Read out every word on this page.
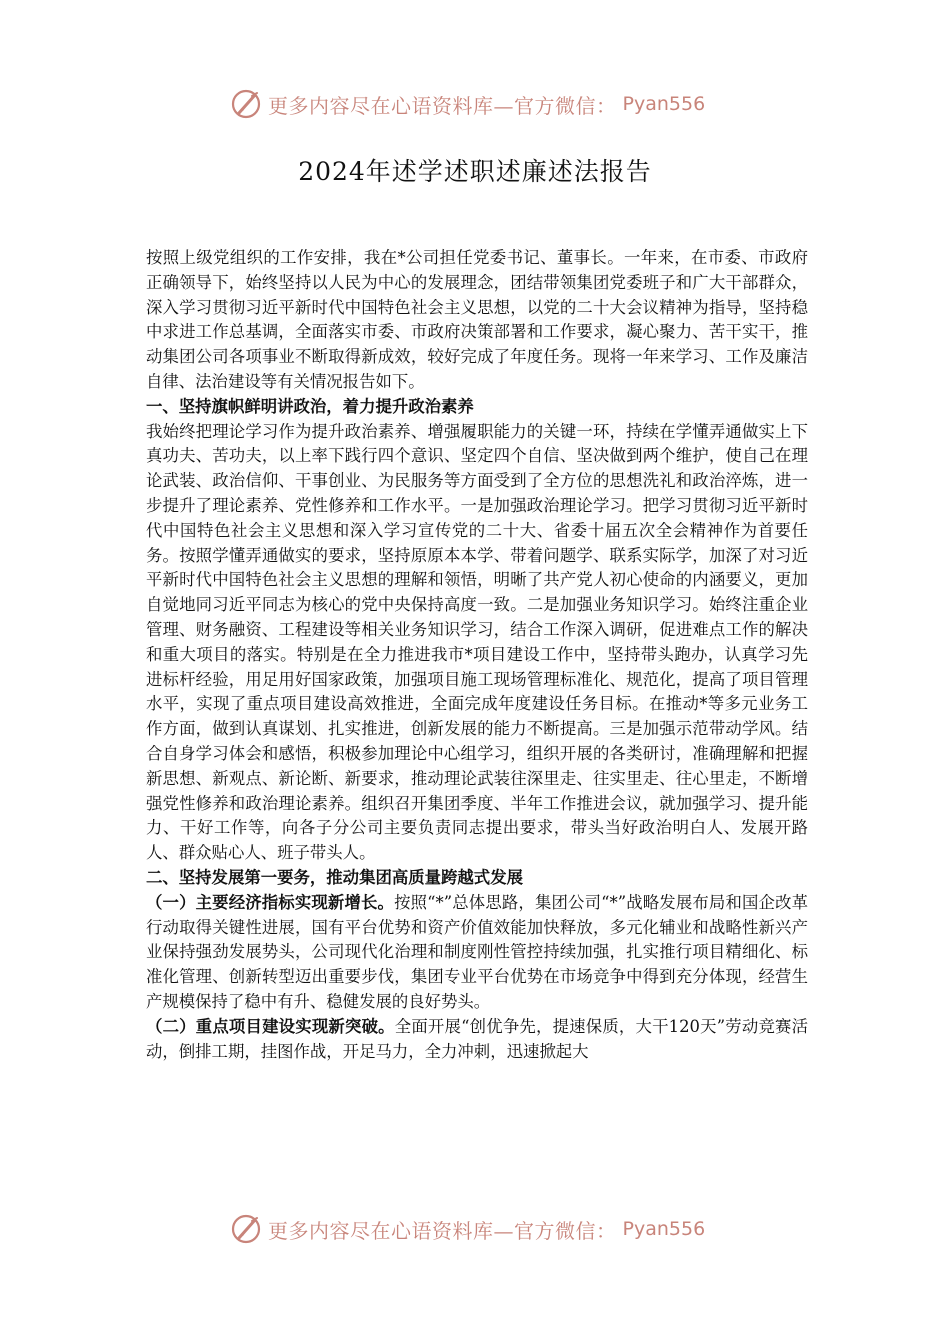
更多内容尽在心语资料库—官方微信： Pyan556
2024年述学述职述廉述法报告

按照上级党组织的工作安排，我在*公司担任党委书记、董事长。一年来，在市委、市政府正确领导下，始终坚持以人民为中心的发展理念，团结带领集团党委班子和广大干部群众，深入学习贯彻习近平新时代中国特色社会主义思想，以党的二十大会议精神为指导，坚持稳中求进工作总基调，全面落实市委、市政府决策部署和工作要求，凝心聚力、苦干实干，推动集团公司各项事业不断取得新成效，较好完成了年度任务。现将一年来学习、工作及廉洁自律、法治建设等有关情况报告如下。

一、坚持旗帜鲜明讲政治，着力提升政治素养

我始终把理论学习作为提升政治素养、增强履职能力的关键一环，持续在学懂弄通做实上下真功夫、苦功夫，以上率下践行四个意识、坚定四个自信、坚决做到两个维护，使自己在理论武装、政治信仰、干事创业、为民服务等方面受到了全方位的思想洗礼和政治淬炼，进一步提升了理论素养、党性修养和工作水平。一是加强政治理论学习。把学习贯彻习近平新时代中国特色社会主义思想和深入学习宣传党的二十大、省委十届五次全会精神作为首要任务。按照学懂弄通做实的要求，坚持原原本本学、带着问题学、联系实际学，加深了对习近平新时代中国特色社会主义思想的理解和领悟，明晰了共产党人初心使命的内涵要义，更加自觉地同习近平同志为核心的党中央保持高度一致。二是加强业务知识学习。始终注重企业管理、财务融资、工程建设等相关业务知识学习，结合工作深入调研，促进难点工作的解决和重大项目的落实。特别是在全力推进我市*项目建设工作中，坚持带头跑办，认真学习先进标杆经验，用足用好国家政策，加强项目施工现场管理标准化、规范化，提高了项目管理水平，实现了重点项目建设高效推进，全面完成年度建设任务目标。在推动*等多元业务工作方面，做到认真谋划、扎实推进，创新发展的能力不断提高。三是加强示范带动学风。结合自身学习体会和感悟，积极参加理论中心组学习，组织开展的各类研讨，准确理解和把握新思想、新观点、新论断、新要求，推动理论武装往深里走、往实里走、往心里走，不断增强党性修养和政治理论素养。组织召开集团季度、半年工作推进会议，就加强学习、提升能力、干好工作等，向各子分公司主要负责同志提出要求，带头当好政治明白人、发展开路人、群众贴心人、班子带头人。

二、坚持发展第一要务，推动集团高质量跨越式发展

（一）主要经济指标实现新增长。按照“*”总体思路，集团公司“*”战略发展布局和国企改革行动取得关键性进展，国有平台优势和资产价值效能加快释放，多元化辅业和战略性新兴产业保持强劲发展势头，公司现代化治理和制度刚性管控持续加强，扎实推行项目精细化、标准化管理、创新转型迈出重要步伐，集团专业平台优势在市场竞争中得到充分体现，经营生产规模保持了稳中有升、稳健发展的良好势头。

（二）重点项目建设实现新突破。全面开展“创优争先，提速保质，大干120天”劳动竞赛活动，倒排工期，挂图作战，开足马力，全力冲刺，迅速掀起大

更多内容尽在心语资料库—官方微信： Pyan556
